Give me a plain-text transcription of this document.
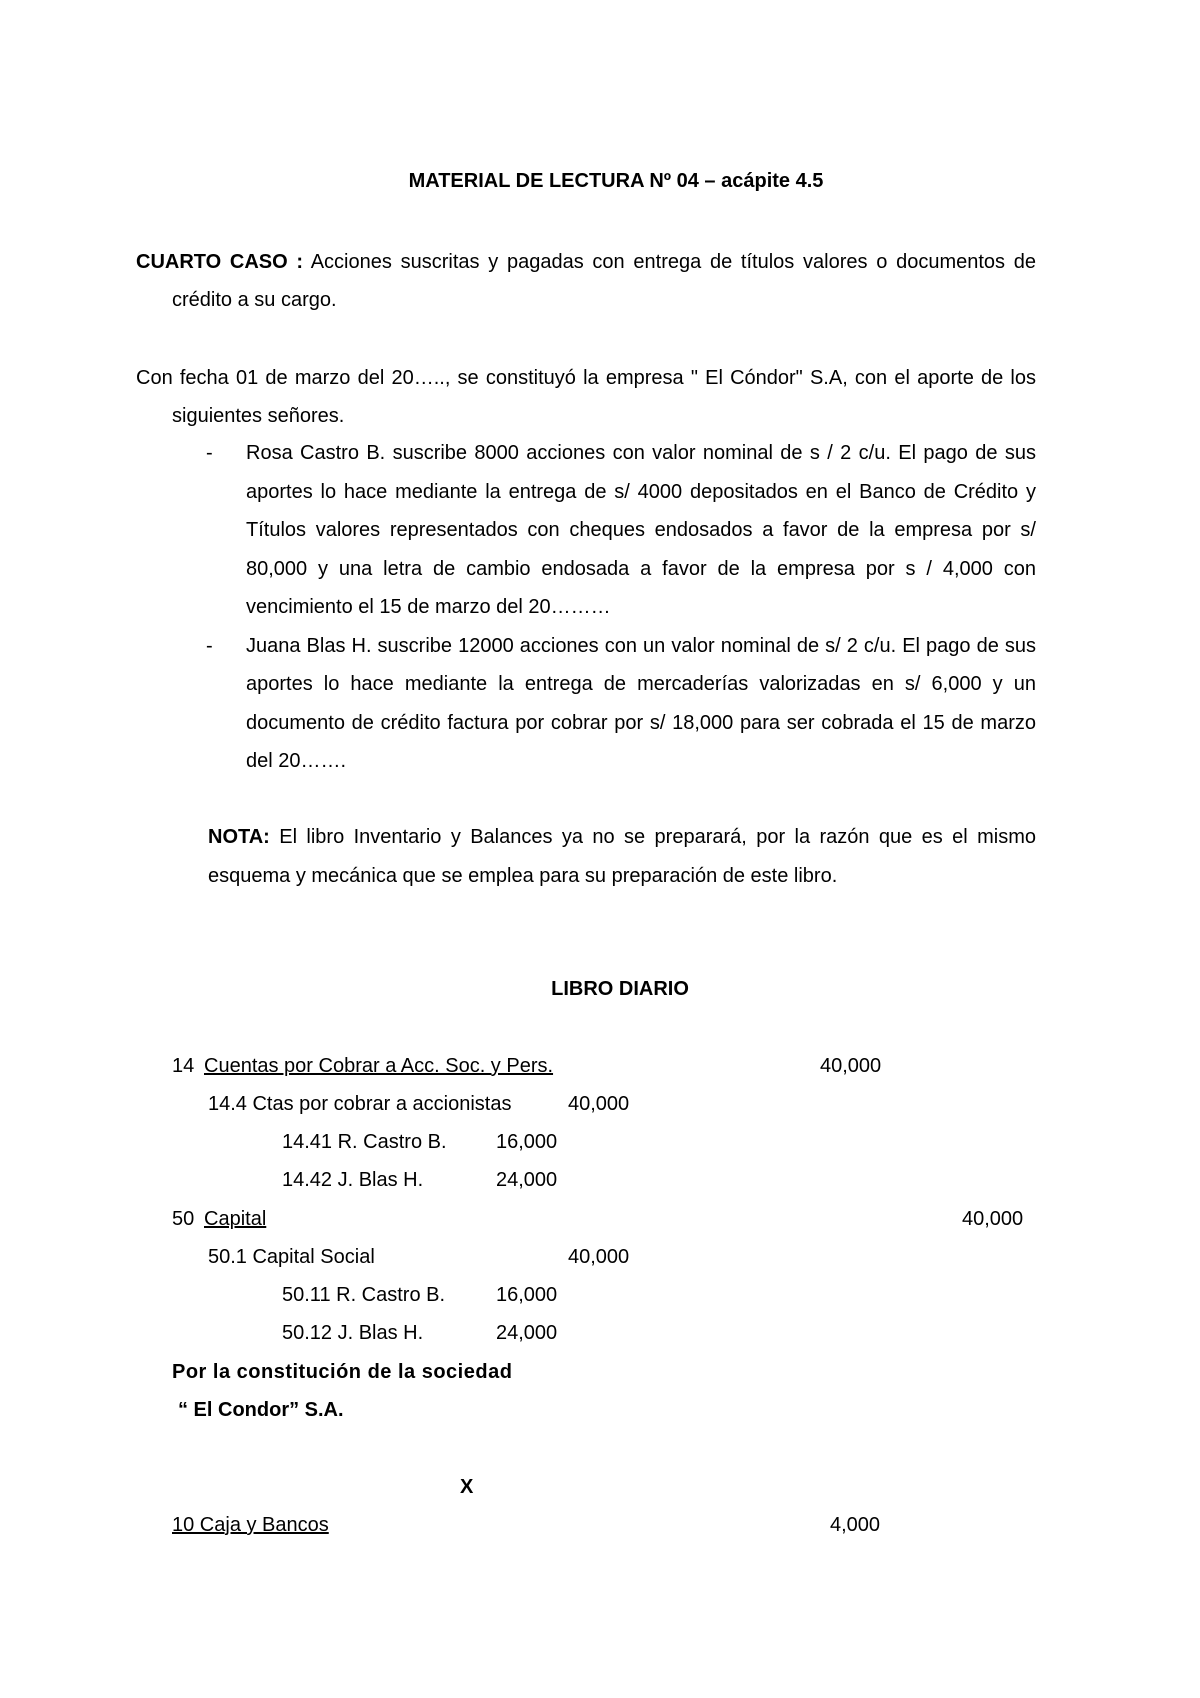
MATERIAL DE LECTURA Nº 04 – acápite 4.5
CUARTO CASO : Acciones suscritas y pagadas con entrega de títulos valores o documentos de crédito a su cargo.
Con fecha 01 de marzo del 20….., se constituyó la empresa " El Cóndor" S.A, con el aporte de los siguientes señores.
- Rosa Castro B. suscribe 8000 acciones con valor nominal de s / 2 c/u. El pago de sus aportes lo hace mediante la entrega de s/ 4000 depositados en el Banco de Crédito y Títulos valores representados con cheques endosados a favor de la empresa por s/ 80,000 y una letra de cambio endosada a favor de la empresa por s / 4,000 con vencimiento el 15 de marzo del 20………
- Juana Blas H. suscribe 12000 acciones con un valor nominal de s/ 2 c/u. El pago de sus aportes lo hace mediante la entrega de mercaderías valorizadas en s/ 6,000 y un documento de crédito factura por cobrar por s/ 18,000 para ser cobrada el 15 de marzo del 20…….
NOTA: El libro Inventario y Balances ya no se preparará, por la razón que es el mismo esquema y mecánica que se emplea para su preparación de este libro.
LIBRO DIARIO
14 Cuentas por Cobrar a Acc. Soc. y Pers.	40,000
14.4 Ctas por cobrar a accionistas	40,000
14.41 R. Castro B. 16,000
14.42 J. Blas H.	24,000
50 Capital	40,000
50.1 Capital Social	40,000
50.11 R. Castro B.	16,000
50.12 J. Blas H.	24,000
Por la constitución de la sociedad
“ El Condor” S.A.
X
10 Caja y Bancos	4,000
